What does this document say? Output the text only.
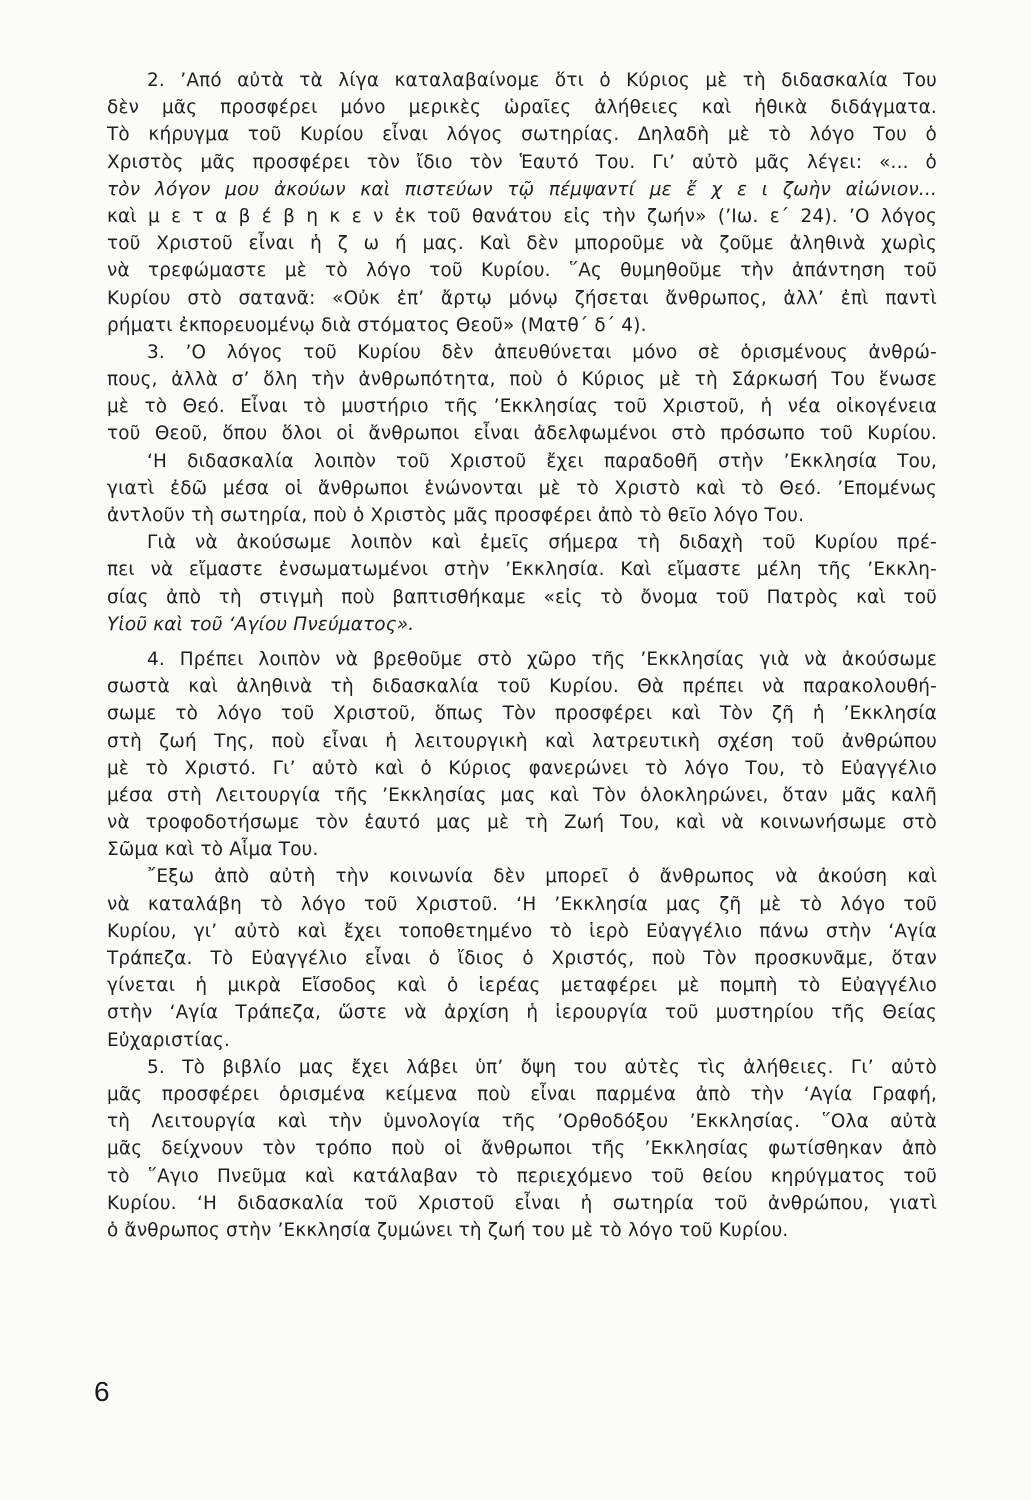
2. ’Από αὐτὰ τὰ λίγα καταλαβαίνομε ὅτι ὁ Κύριος μὲ τὴ διδασκαλία Του
δὲν μᾶς προσφέρει μόνο μερικὲς ὡραῖες ἀλήθειες καὶ ἠθικὰ διδάγματα.
Τὸ κήρυγμα τοῦ Κυρίου εἶναι λόγος σωτηρίας. Δηλαδὴ μὲ τὸ λόγο Του ὁ
Χριστὸς μᾶς προσφέρει τὸν ἴδιο τὸν Ἑαυτό Του. Γι’ αὐτὸ μᾶς λέγει: «... ὁ
τὸν λόγον μου ἀκούων καὶ πιστεύων τῷ πέμψαντί με ἔ χ ε ι ζωὴν αἰώνιον...
καὶ μ ε τ α β έ β η κ ε ν ἐκ τοῦ θανάτου εἰς τὴν ζωήν» (’Ιω. ε΄ 24). ’Ο λόγος
τοῦ Χριστοῦ εἶναι ἡ ζ ω ή μας. Καὶ δὲν μποροῦμε νὰ ζοῦμε ἀληθινὰ χωρὶς
νὰ τρεφώμαστε μὲ τὸ λόγο τοῦ Κυρίου. ῞Ας θυμηθοῦμε τὴν ἀπάντηση τοῦ
Κυρίου στὸ σατανᾶ: «Οὐκ ἐπ’ ἄρτῳ μόνῳ ζήσεται ἄνθρωπος, ἀλλ’ ἐπὶ παντὶ
ρήματι ἐκπορευομένῳ διὰ στόματος Θεοῦ» (Ματθ΄ δ΄ 4).
3. ’Ο λόγος τοῦ Κυρίου δὲν ἀπευθύνεται μόνο σὲ ὁρισμένους ἀνθρώ-
πους, ἀλλὰ σ’ ὅλη τὴν ἀνθρωπότητα, ποὺ ὁ Κύριος μὲ τὴ Σάρκωσή Του ἕνωσε
μὲ τὸ Θεό. Εἶναι τὸ μυστήριο τῆς ’Εκκλησίας τοῦ Χριστοῦ, ἡ νέα οἰκογένεια
τοῦ Θεοῦ, ὅπου ὅλοι οἱ ἄνθρωποι εἶναι ἀδελφωμένοι στὸ πρόσωπο τοῦ Κυρίου.
‘Η διδασκαλία λοιπὸν τοῦ Χριστοῦ ἔχει παραδοθῆ στὴν ’Εκκλησία Του,
γιατὶ ἐδῶ μέσα οἱ ἄνθρωποι ἑνώνονται μὲ τὸ Χριστὸ καὶ τὸ Θεό. ’Επομένως
ἀντλοῦν τὴ σωτηρία, ποὺ ὁ Χριστὸς μᾶς προσφέρει ἀπὸ τὸ θεῖο λόγο Του.
Γιὰ νὰ ἀκούσωμε λοιπὸν καὶ ἐμεῖς σήμερα τὴ διδαχὴ τοῦ Κυρίου πρέ-
πει νὰ εἴμαστε ἐνσωματωμένοι στὴν ’Εκκλησία. Καὶ εἴμαστε μέλη τῆς ’Εκκλη-
σίας ἀπὸ τὴ στιγμὴ ποὺ βαπτισθήκαμε «εἰς τὸ ὄνομα τοῦ Πατρὸς καὶ τοῦ
Υἱοῦ καὶ τοῦ ‘Αγίου Πνεύματος».
4. Πρέπει λοιπὸν νὰ βρεθοῦμε στὸ χῶρο τῆς ’Εκκλησίας γιὰ νὰ ἀκούσωμε
σωστὰ καὶ ἀληθινὰ τὴ διδασκαλία τοῦ Κυρίου. Θὰ πρέπει νὰ παρακολουθή-
σωμε τὸ λόγο τοῦ Χριστοῦ, ὅπως Τὸν προσφέρει καὶ Τὸν ζῆ ἡ ’Εκκλησία
στὴ ζωή Της, ποὺ εἶναι ἡ λειτουργικὴ καὶ λατρευτικὴ σχέση τοῦ ἀνθρώπου
μὲ τὸ Χριστό. Γι’ αὐτὸ καὶ ὁ Κύριος φανερώνει τὸ λόγο Του, τὸ Εὐαγγέλιο
μέσα στὴ Λειτουργία τῆς ’Εκκλησίας μας καὶ Τὸν ὁλοκληρώνει, ὅταν μᾶς καλῆ
νὰ τροφοδοτήσωμε τὸν ἑαυτό μας μὲ τὴ Ζωή Του, καὶ νὰ κοινωνήσωμε στὸ
Σῶμα καὶ τὸ Αἷμα Του.
῎Εξω ἀπὸ αὐτὴ τὴν κοινωνία δὲν μπορεῖ ὁ ἄνθρωπος νὰ ἀκούση καὶ
νὰ καταλάβη τὸ λόγο τοῦ Χριστοῦ. ‘Η ’Εκκλησία μας ζῆ μὲ τὸ λόγο τοῦ
Κυρίου, γι’ αὐτὸ καὶ ἔχει τοποθετημένο τὸ ἱερὸ Εὐαγγέλιο πάνω στὴν ‘Αγία
Τράπεζα. Τὸ Εὐαγγέλιο εἶναι ὁ ἴδιος ὁ Χριστός, ποὺ Τὸν προσκυνᾶμε, ὅταν
γίνεται ἡ μικρὰ Εἴσοδος καὶ ὁ ἱερέας μεταφέρει μὲ πομπὴ τὸ Εὐαγγέλιο
στὴν ‘Αγία Τράπεζα, ὥστε νὰ ἀρχίση ἡ ἱερουργία τοῦ μυστηρίου τῆς Θείας
Εὐχαριστίας.
5. Τὸ βιβλίο μας ἔχει λάβει ὑπ’ ὄψη του αὐτὲς τὶς ἀλήθειες. Γι’ αὐτὸ
μᾶς προσφέρει ὁρισμένα κείμενα ποὺ εἶναι παρμένα ἀπὸ τὴν ‘Αγία Γραφή,
τὴ Λειτουργία καὶ τὴν ὑμνολογία τῆς ’Ορθοδόξου ’Εκκλησίας. ῞Ολα αὐτὰ
μᾶς δείχνουν τὸν τρόπο ποὺ οἱ ἄνθρωποι τῆς ’Εκκλησίας φωτίσθηκαν ἀπὸ
τὸ ῞Αγιο Πνεῦμα καὶ κατάλαβαν τὸ περιεχόμενο τοῦ θείου κηρύγματος τοῦ
Κυρίου. ‘Η διδασκαλία τοῦ Χριστοῦ εἶναι ἡ σωτηρία τοῦ ἀνθρώπου, γιατὶ
ὁ ἄνθρωπος στὴν ’Εκκλησία ζυμώνει τὴ ζωή του μὲ τὸ λόγο τοῦ Κυρίου.
6
